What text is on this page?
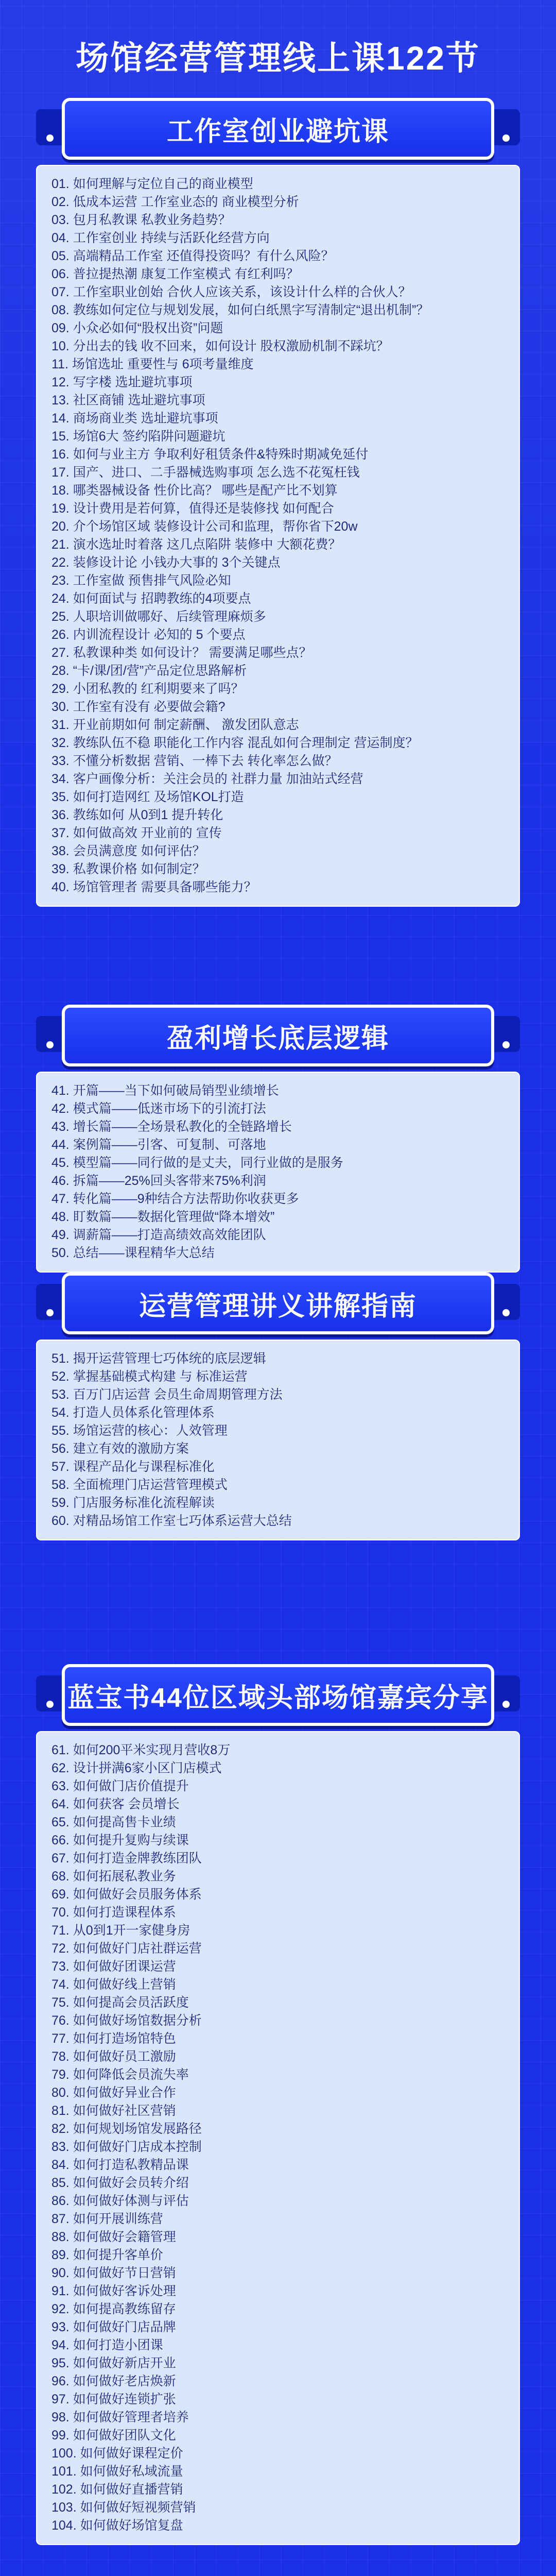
场馆经营管理线上课122节
工作室创业避坑课
01. 如何理解与定位自己的商业模型
02. 低成本运营 工作室业态的 商业模型分析
03. 包月私教课 私教业务趋势？
04. 工作室创业 持续与活跃化经营方向
05. 高端精品工作室 还值得投资吗？有什么风险？
06. 普拉提热潮 康复工作室模式 有红利吗？
07. 工作室职业创始 合伙人应该关系，该设计什么样的合伙人？
08. 教练如何定位与规划发展，如何白纸黑字写清制定“退出机制”？
09. 小众必如何“股权出资”问题
10. 分出去的钱 收不回来，如何设计 股权激励机制不踩坑？
11. 场馆选址 重要性与 6项考量维度
12. 写字楼 选址避坑事项
13. 社区商铺 选址避坑事项
14. 商场商业类 选址避坑事项
15. 场馆6大 签约陷阱问题避坑
16. 如何与业主方 争取利好租赁条件&特殊时期减免延付
17. 国产、进口、二手器械选购事项 怎么选不花冤枉钱
18. 哪类器械设备 性价比高？ 哪些是配产比不划算
19. 设计费用是若何算，值得还是装修找 如何配合
20. 介个场馆区域 装修设计公司和监理，帮你省下20w
21. 演水选址时着落 这几点陷阱 装修中 大额花费？
22. 装修设计论 小钱办大事的 3个关键点
23. 工作室做 预售排气风险必知
24. 如何面试与 招聘教练的4项要点
25. 人职培训做哪好、后续管理麻烦多
26. 内训流程设计 必知的 5 个要点
27. 私教课种类 如何设计？ 需要满足哪些点？
28. “卡/课/团/营”产品定位思路解析
29. 小团私教的 红利期要来了吗？
30. 工作室有没有 必要做会籍?
31. 开业前期如何 制定薪酬、 激发团队意志
32. 教练队伍不稳 职能化工作内容 混乱如何合理制定 营运制度？
33. 不懂分析数据 营销、一棒下去 转化率怎么做？
34. 客户画像分析：关注会员的 社群力量 加油站式经营
35. 如何打造网红 及场馆KOL打造
36. 教练如何 从0到1 提升转化
37. 如何做高效 开业前的 宣传
38. 会员满意度 如何评估？
39. 私教课价格 如何制定？
40. 场馆管理者 需要具备哪些能力？
盈利增长底层逻辑
41. 开篇——当下如何破局销型业绩增长
42. 模式篇——低迷市场下的引流打法
43. 增长篇——全场景私教化的全链路增长
44. 案例篇——引客、可复制、可落地
45. 模型篇——同行做的是丈夫，同行业做的是服务
46. 拆篇——25%回头客带来75%利润
47. 转化篇——9种结合方法帮助你收获更多
48. 盯数篇——数据化管理做“降本增效”
49. 调薪篇——打造高绩效高效能团队
50. 总结——课程精华大总结
运营管理讲义讲解指南
51. 揭开运营管理七巧体统的底层逻辑
52. 掌握基础模式构建 与 标准运营
53. 百万门店运营 会员生命周期管理方法
54. 打造人员体系化管理体系
55. 场馆运营的核心：人效管理
56. 建立有效的激励方案
57. 课程产品化与课程标准化
58. 全面梳理门店运营管理模式
59. 门店服务标准化流程解读
60. 对精品场馆工作室七巧体系运营大总结
蓝宝书44位区域头部场馆嘉宾分享
61. 如何200平米实现月营收8万
62. 设计拼满6家小区门店模式
63. 如何做门店价值提升
64. 如何获客 会员增长
65. 如何提高售卡业绩
66. 如何提升复购与续课
67. 如何打造金牌教练团队
68. 如何拓展私教业务
69. 如何做好会员服务体系
70. 如何打造课程体系
71. 从0到1开一家健身房
72. 如何做好门店社群运营
73. 如何做好团课运营
74. 如何做好线上营销
75. 如何提高会员活跃度
76. 如何做好场馆数据分析
77. 如何打造场馆特色
78. 如何做好员工激励
79. 如何降低会员流失率
80. 如何做好异业合作
81. 如何做好社区营销
82. 如何规划场馆发展路径
83. 如何做好门店成本控制
84. 如何打造私教精品课
85. 如何做好会员转介绍
86. 如何做好体测与评估
87. 如何开展训练营
88. 如何做好会籍管理
89. 如何提升客单价
90. 如何做好节日营销
91. 如何做好客诉处理
92. 如何提高教练留存
93. 如何做好门店品牌
94. 如何打造小团课
95. 如何做好新店开业
96. 如何做好老店焕新
97. 如何做好连锁扩张
98. 如何做好管理者培养
99. 如何做好团队文化
100. 如何做好课程定价
101. 如何做好私域流量
102. 如何做好直播营销
103. 如何做好短视频营销
104. 如何做好场馆复盘
